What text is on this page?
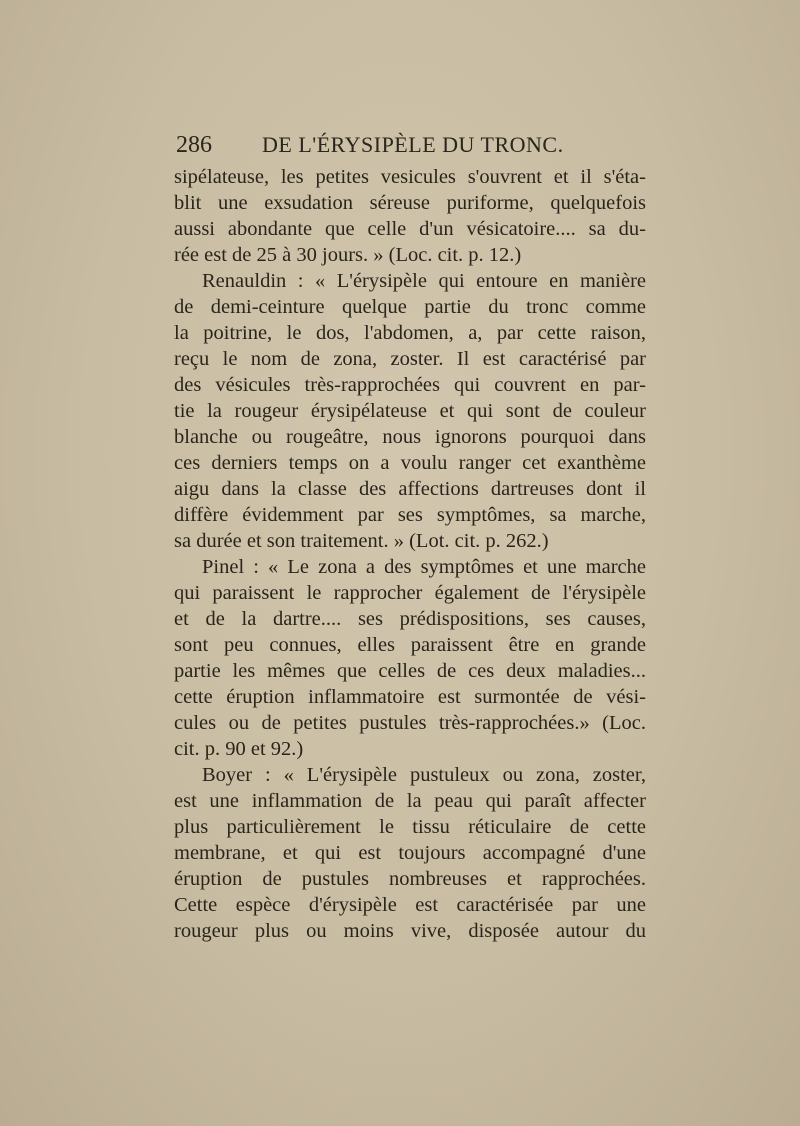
286 DE L'ÉRYSIPÈLE DU TRONC.
sipélateuse, les petites vesicules s'ouvrent et il s'éta-
blit une exsudation séreuse puriforme, quelquefois
aussi abondante que celle d'un vésicatoire.... sa du-
rée est de 25 à 30 jours. » (Loc. cit. p. 12.)
Renauldin : « L'érysipèle qui entoure en manière
de demi-ceinture quelque partie du tronc comme
la poitrine, le dos, l'abdomen, a, par cette raison,
reçu le nom de zona, zoster. Il est caractérisé par
des vésicules très-rapprochées qui couvrent en par-
tie la rougeur érysipélateuse et qui sont de couleur
blanche ou rougeâtre, nous ignorons pourquoi dans
ces derniers temps on a voulu ranger cet exanthème
aigu dans la classe des affections dartreuses dont il
diffère évidemment par ses symptômes, sa marche,
sa durée et son traitement. » (Lot. cit. p. 262.)
Pinel : « Le zona a des symptômes et une marche
qui paraissent le rapprocher également de l'érysipèle
et de la dartre.... ses prédispositions, ses causes,
sont peu connues, elles paraissent être en grande
partie les mêmes que celles de ces deux maladies...
cette éruption inflammatoire est surmontée de vési-
cules ou de petites pustules très-rapprochées.» (Loc.
cit. p. 90 et 92.)
Boyer : « L'érysipèle pustuleux ou zona, zoster,
est une inflammation de la peau qui paraît affecter
plus particulièrement le tissu réticulaire de cette
membrane, et qui est toujours accompagné d'une
éruption de pustules nombreuses et rapprochées.
Cette espèce d'érysipèle est caractérisée par une
rougeur plus ou moins vive, disposée autour du
